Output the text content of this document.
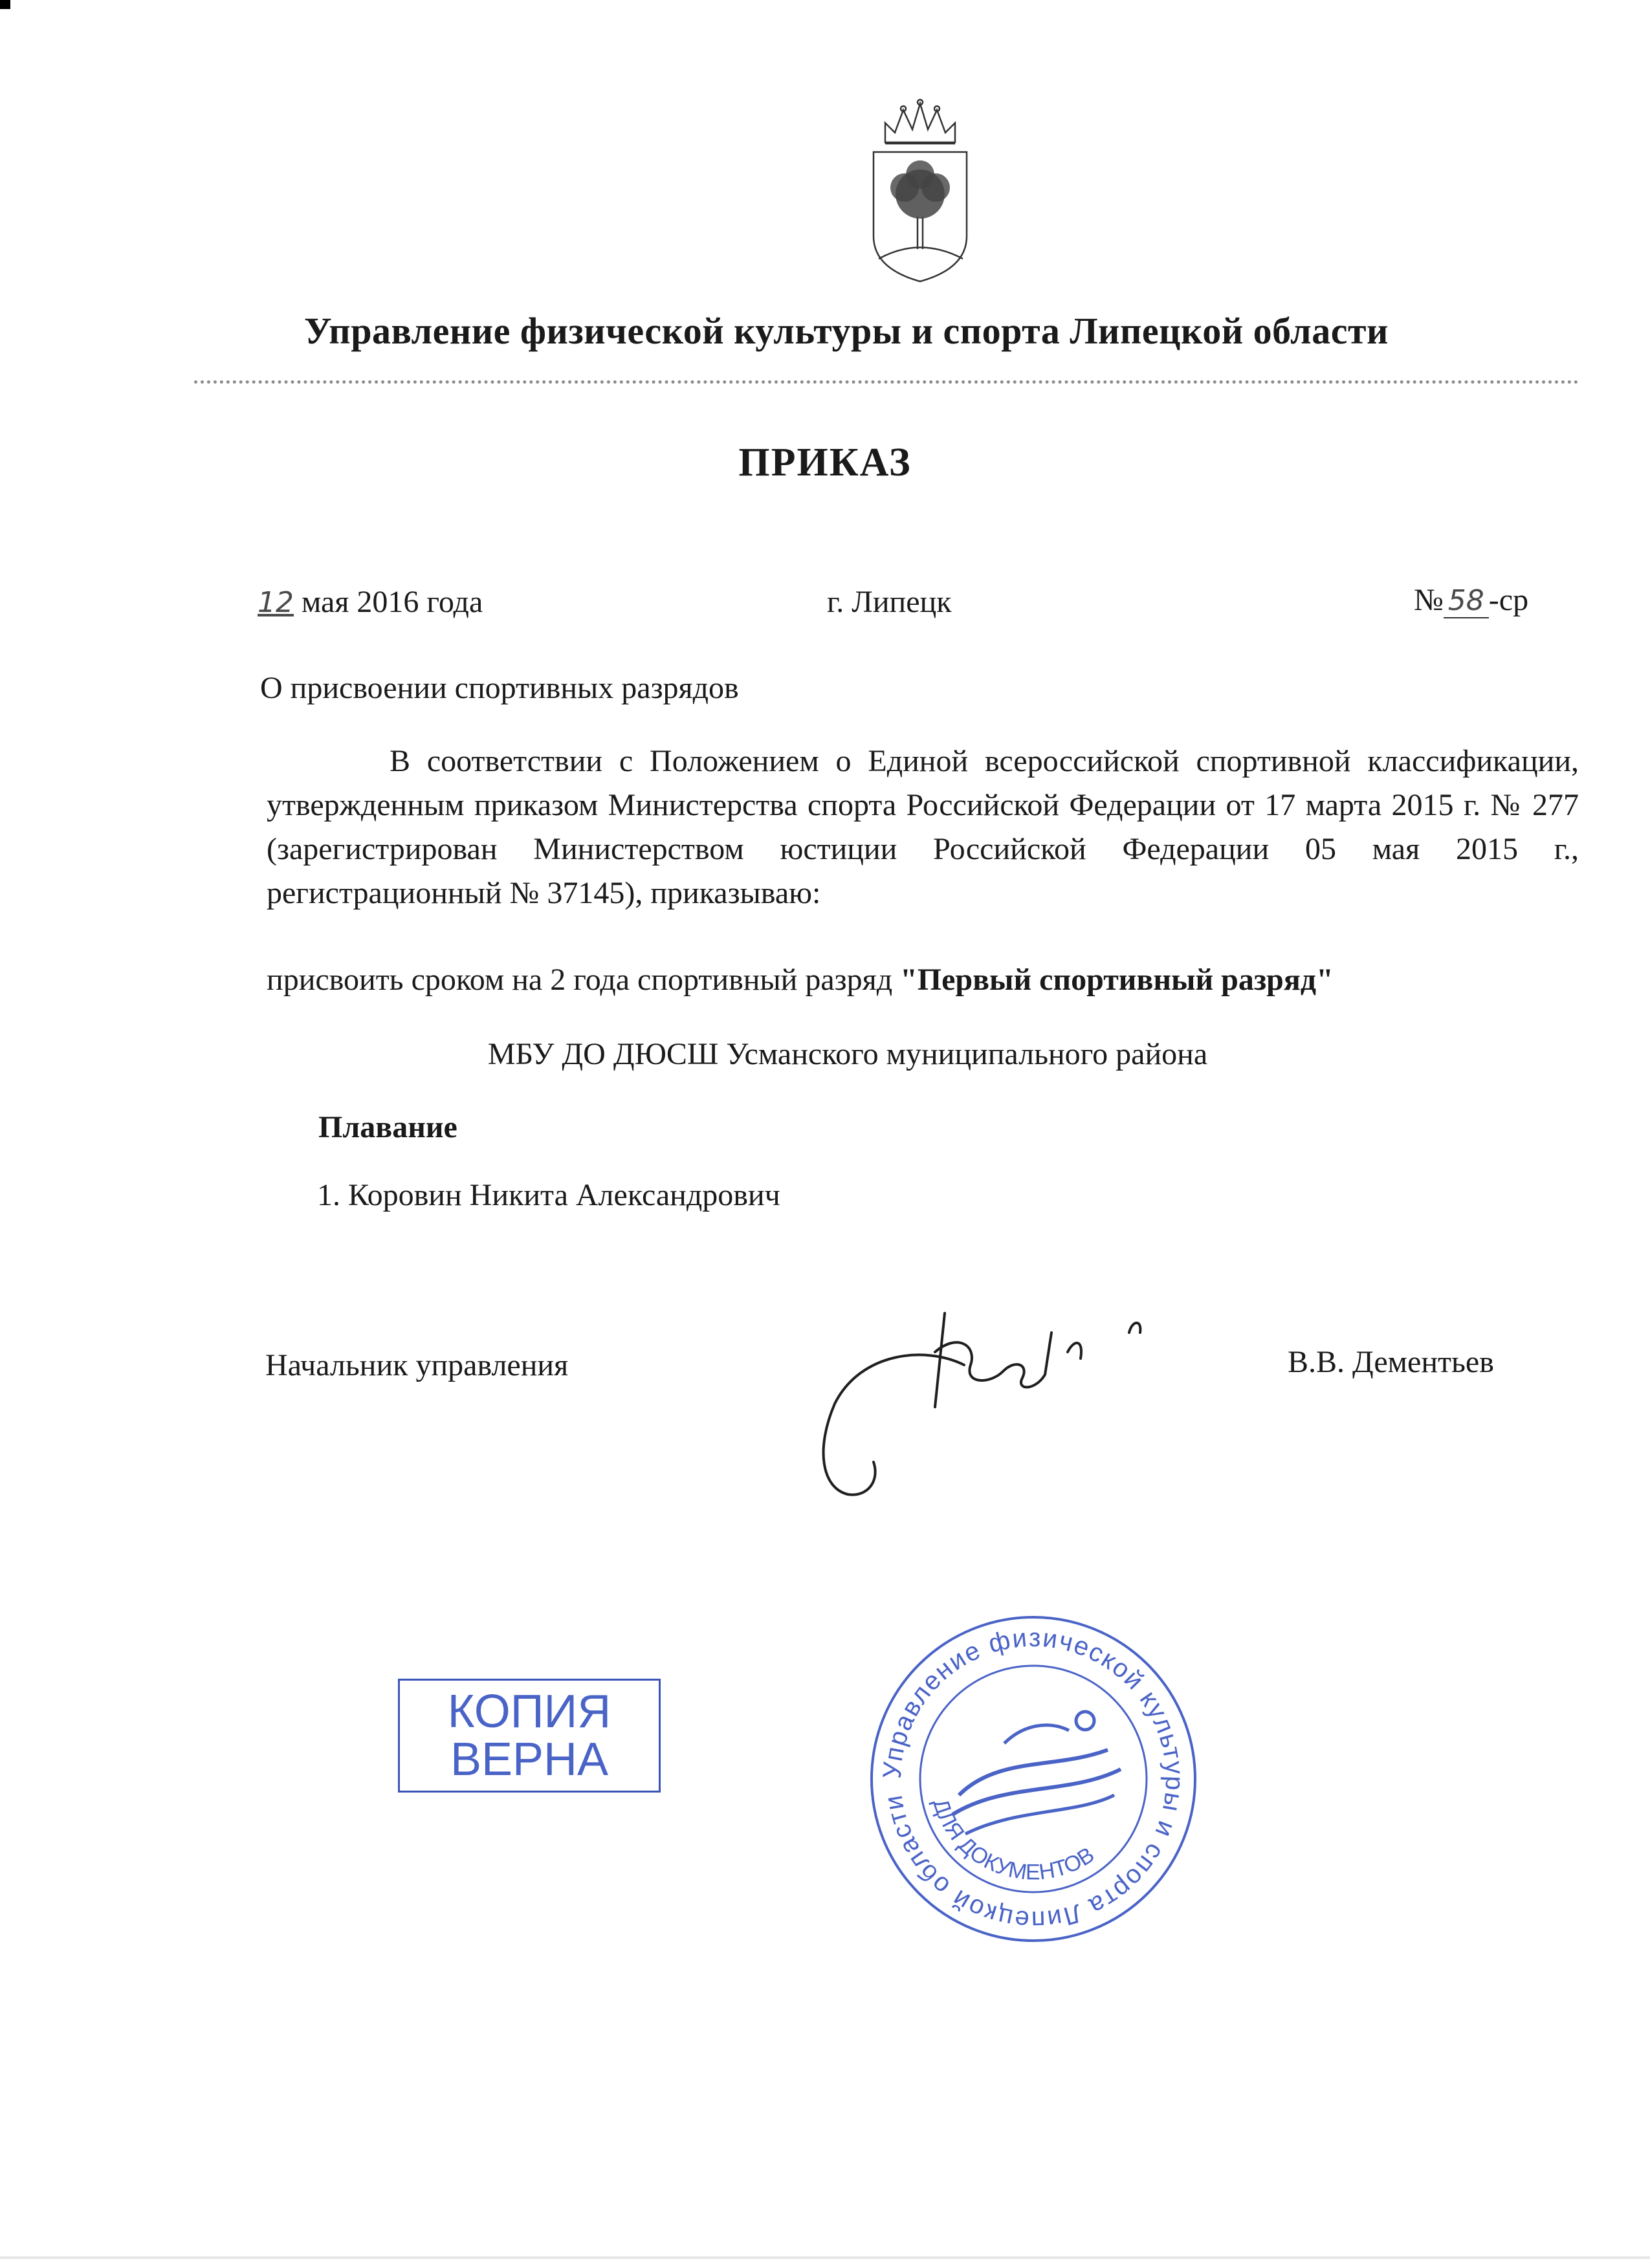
Управление физической культуры и спорта Липецкой области
ПРИКАЗ
12 мая 2016 года	г. Липецк	№ 58 -ср
О присвоении спортивных разрядов
В соответствии с Положением о Единой всероссийской спортивной классификации, утвержденным приказом Министерства спорта Российской Федерации от 17 марта 2015 г. № 277 (зарегистрирован Министерством юстиции Российской Федерации 05 мая 2015 г., регистрационный № 37145), приказываю:
присвоить сроком на 2 года спортивный разряд "Первый спортивный разряд"
МБУ ДО ДЮСШ Усманского муниципального района
Плавание
1. Коровин Никита Александрович
Начальник управления	В.В. Дементьев
КОПИЯ
ВЕРНА	Управление физической культуры и спорта Липецкой области ДЛЯ ДОКУМЕНТОВ
